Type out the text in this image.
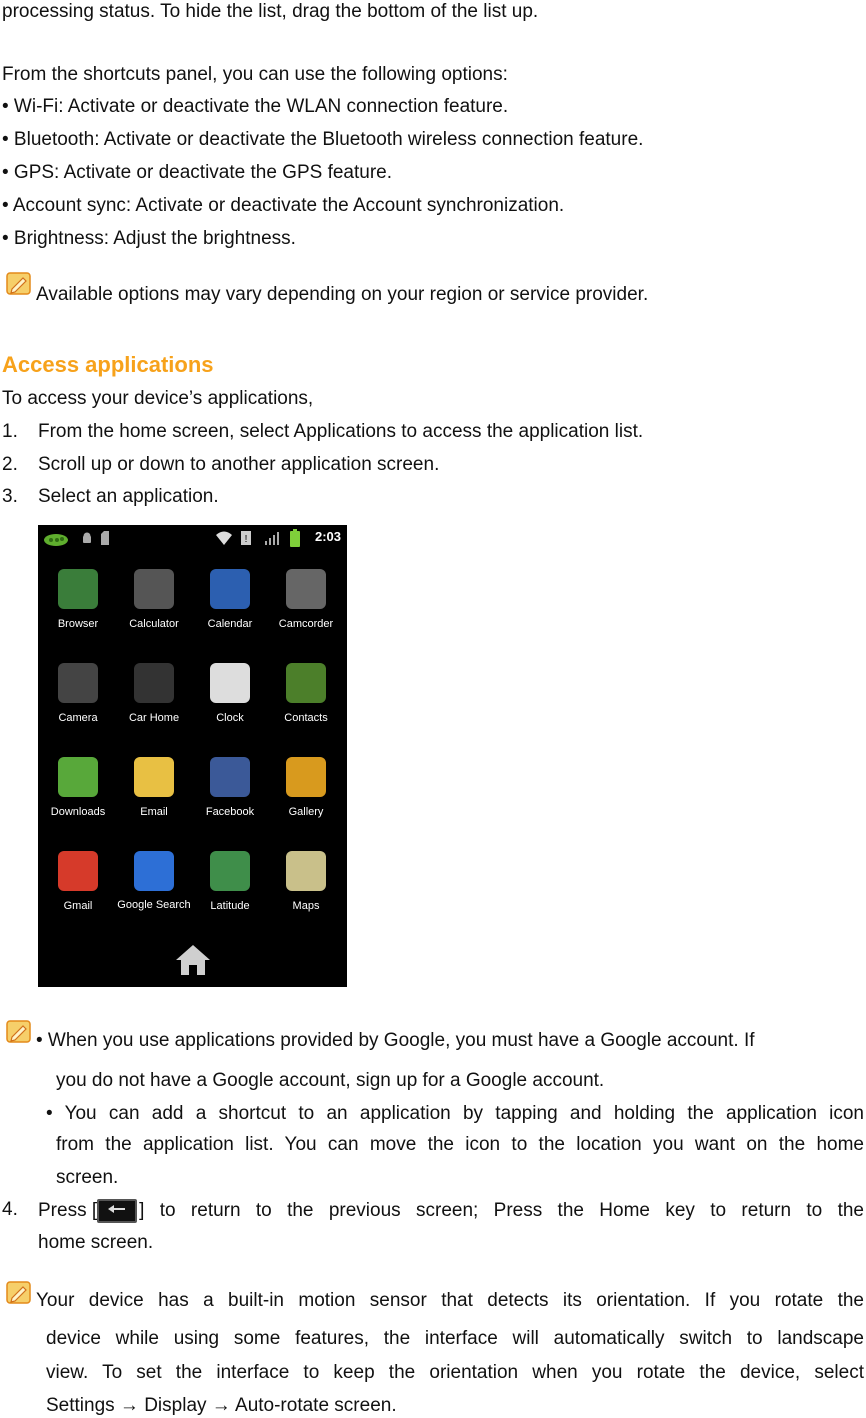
processing status. To hide the list, drag the bottom of the list up.
From the shortcuts panel, you can use the following options:
• Wi-Fi: Activate or deactivate the WLAN connection feature.
• Bluetooth: Activate or deactivate the Bluetooth wireless connection feature.
• GPS: Activate or deactivate the GPS feature.
• Account sync: Activate or deactivate the Account synchronization.
• Brightness: Adjust the brightness.
Available options may vary depending on your region or service provider.
Access applications
To access your device’s applications,
1. From the home screen, select Applications to access the application list.
2. Scroll up or down to another application screen.
3. Select an application.
!	2:03
Browser	Calculator	Calendar	Camcorder
Camera	Car Home	Clock	Contacts
Downloads	Email	Facebook	Gallery
Gmail	Google Search	Latitude	Maps
• When you use applications provided by Google, you must have a Google account. If
you do not have a Google account, sign up for a Google account.
• You can add a shortcut to an application by tapping and holding the application icon
from the application list. You can move the icon to the location you want on the home
screen.
4. Press [ ] to return to the previous screen; Press the Home key to return to the
home screen.
Your device has a built-in motion sensor that detects its orientation. If you rotate the
device while using some features, the interface will automatically switch to landscape
view. To set the interface to keep the orientation when you rotate the device, select
Settings → Display → Auto-rotate screen.
